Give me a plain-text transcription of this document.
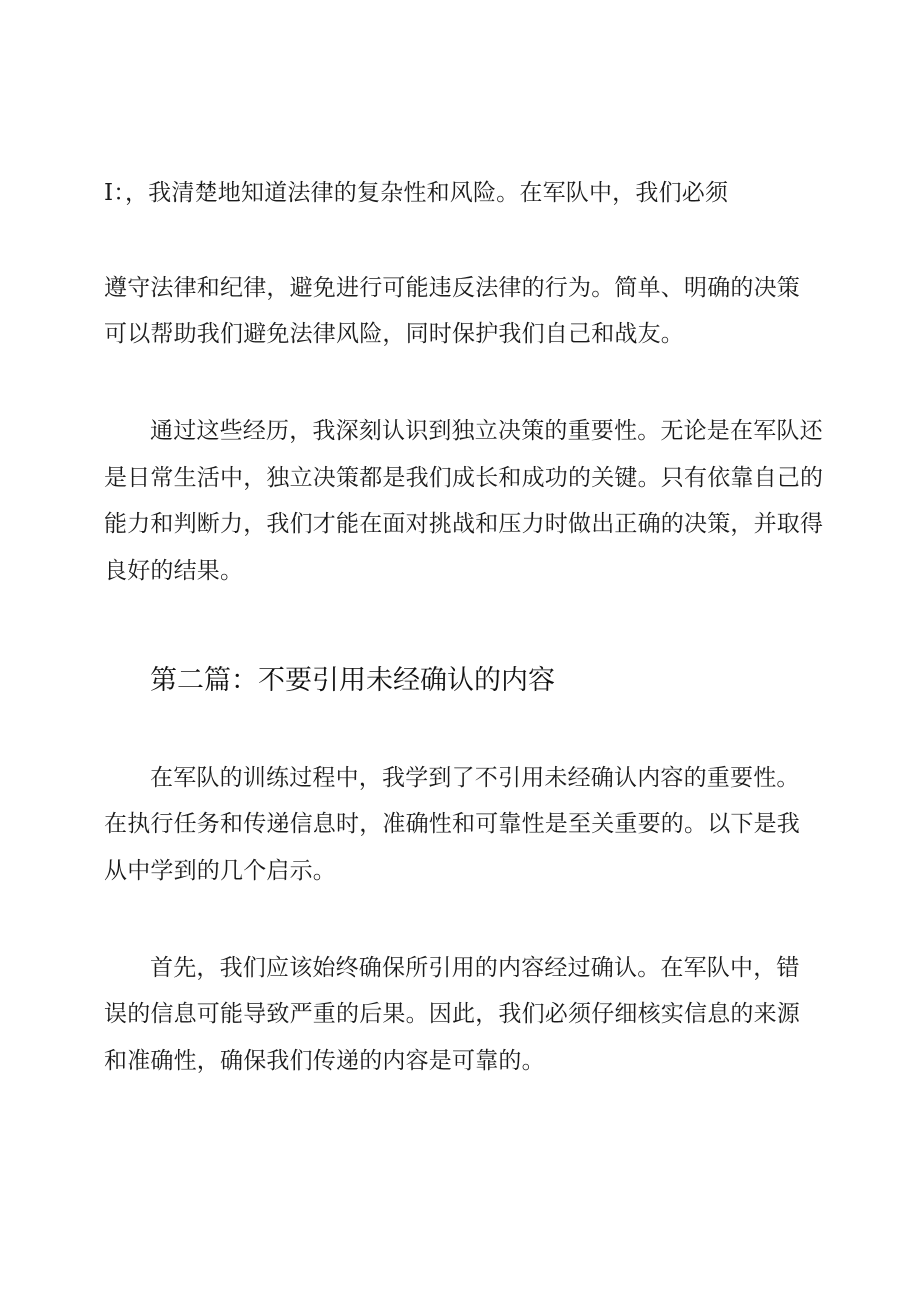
I：，我清楚地知道法律的复杂性和风险。在军队中，我们必须
遵守法律和纪律，避免进行可能违反法律的行为。简单、明确的决策
可以帮助我们避免法律风险，同时保护我们自己和战友。
通过这些经历，我深刻认识到独立决策的重要性。无论是在军队还
是日常生活中，独立决策都是我们成长和成功的关键。只有依靠自己的
能力和判断力，我们才能在面对挑战和压力时做出正确的决策，并取得
良好的结果。
第二篇：不要引用未经确认的内容
在军队的训练过程中，我学到了不引用未经确认内容的重要性。
在执行任务和传递信息时，准确性和可靠性是至关重要的。以下是我
从中学到的几个启示。
首先，我们应该始终确保所引用的内容经过确认。在军队中，错
误的信息可能导致严重的后果。因此，我们必须仔细核实信息的来源
和准确性，确保我们传递的内容是可靠的。
